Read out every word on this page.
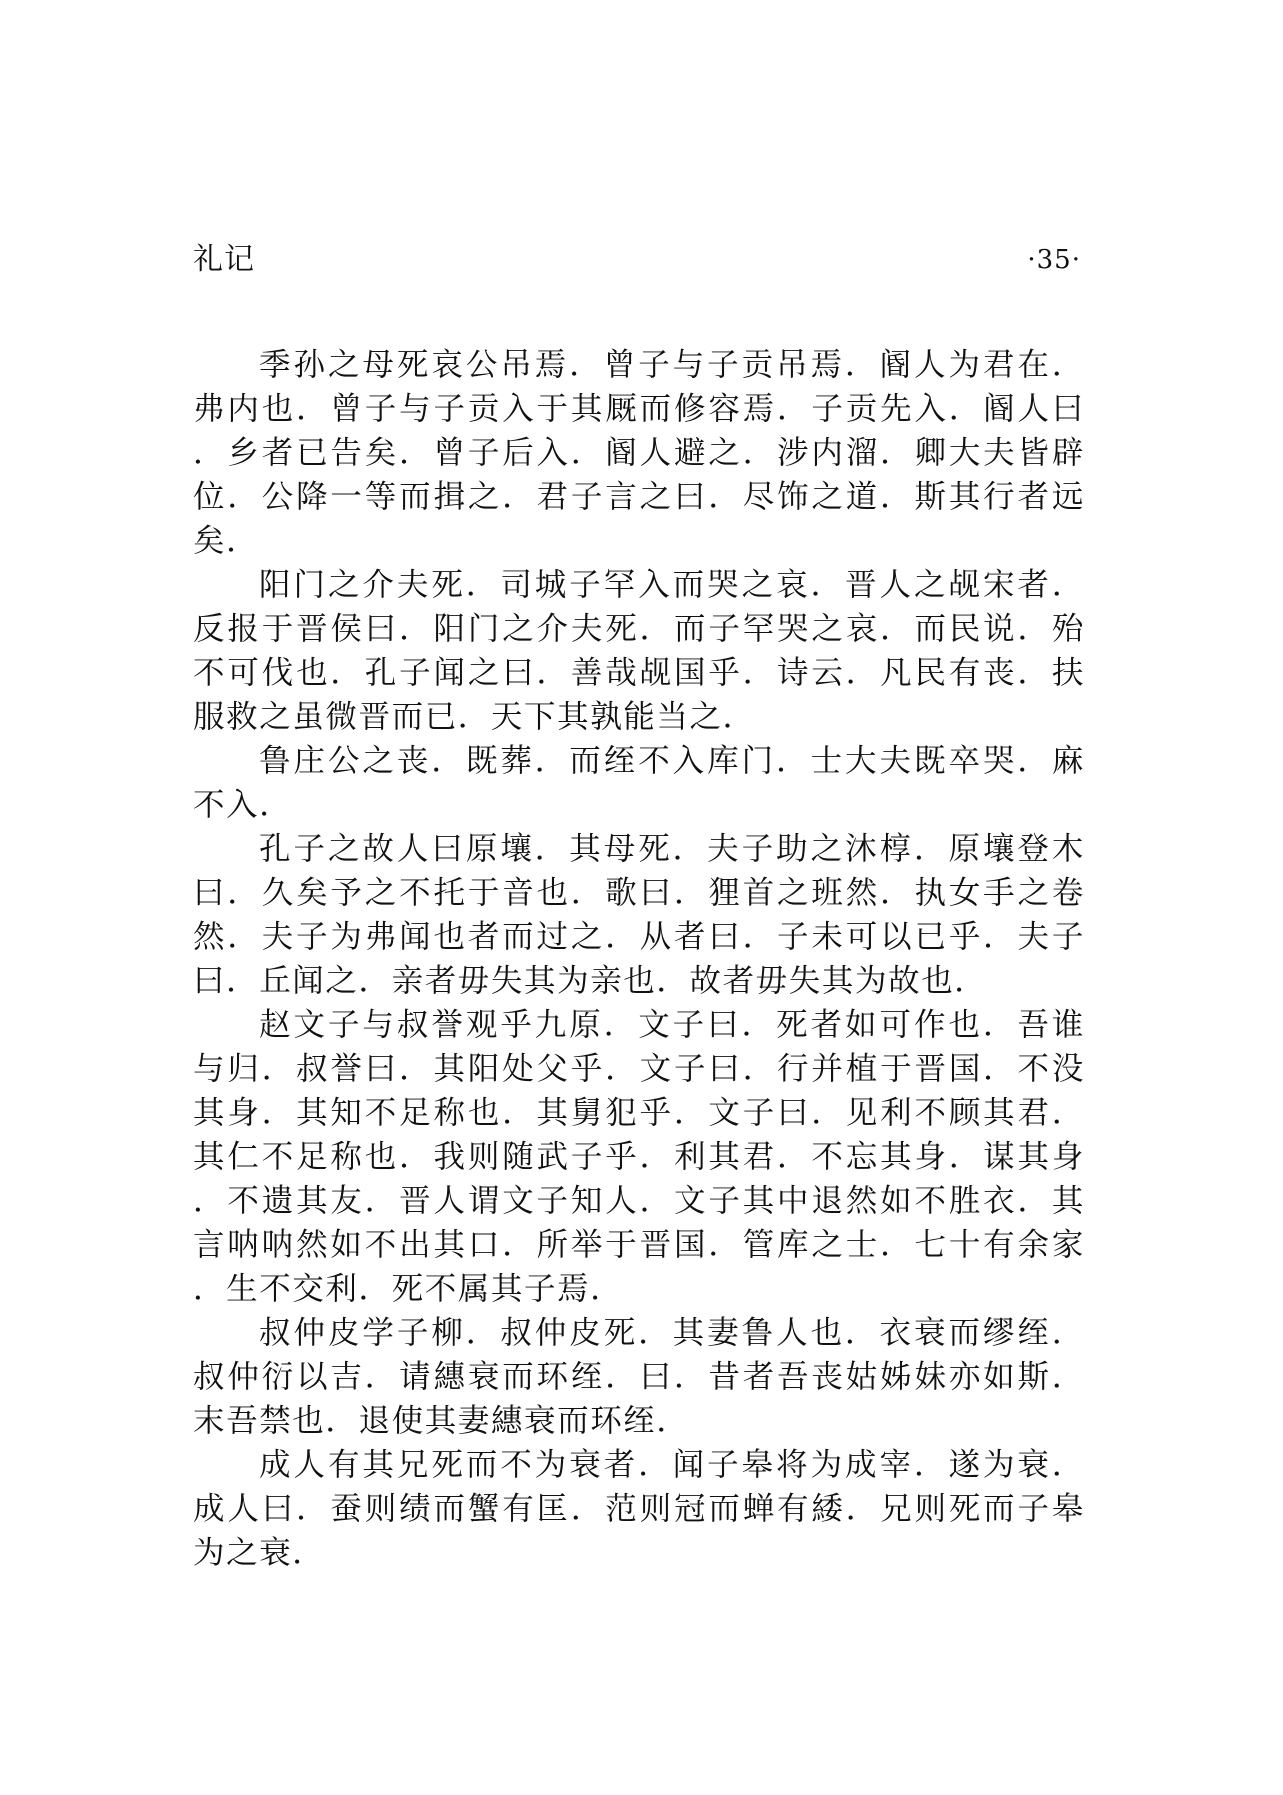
礼记	·35·

季孙之母死哀公吊焉．曾子与子贡吊焉．阍人为君在．弗内也．曾子与子贡入于其厩而修容焉．子贡先入．阍人曰．乡者已告矣．曾子后入．阍人避之．涉内溜．卿大夫皆辟位．公降一等而揖之．君子言之曰．尽饰之道．斯其行者远矣．

阳门之介夫死．司城子罕入而哭之哀．晋人之觇宋者．反报于晋侯曰．阳门之介夫死．而子罕哭之哀．而民说．殆不可伐也．孔子闻之曰．善哉觇国乎．诗云．凡民有丧．扶服救之虽微晋而已．天下其孰能当之．

鲁庄公之丧．既葬．而绖不入库门．士大夫既卒哭．麻不入．

孔子之故人曰原壤．其母死．夫子助之沐椁．原壤登木曰．久矣予之不托于音也．歌曰．狸首之班然．执女手之卷然．夫子为弗闻也者而过之．从者曰．子未可以已乎．夫子曰．丘闻之．亲者毋失其为亲也．故者毋失其为故也．

赵文子与叔誉观乎九原．文子曰．死者如可作也．吾谁与归．叔誉曰．其阳处父乎．文子曰．行并植于晋国．不没其身．其知不足称也．其舅犯乎．文子曰．见利不顾其君．其仁不足称也．我则随武子乎．利其君．不忘其身．谋其身．不遗其友．晋人谓文子知人．文子其中退然如不胜衣．其言呐呐然如不出其口．所举于晋国．管库之士．七十有余家．生不交利．死不属其子焉．

叔仲皮学子柳．叔仲皮死．其妻鲁人也．衣衰而缪绖．叔仲衍以吉．请繐衰而环绖．曰．昔者吾丧姑姊妹亦如斯．末吾禁也．退使其妻繐衰而环绖．

成人有其兄死而不为衰者．闻子皋将为成宰．遂为衰．成人曰．蚕则绩而蟹有匡．范则冠而蝉有緌．兄则死而子皋为之衰．
